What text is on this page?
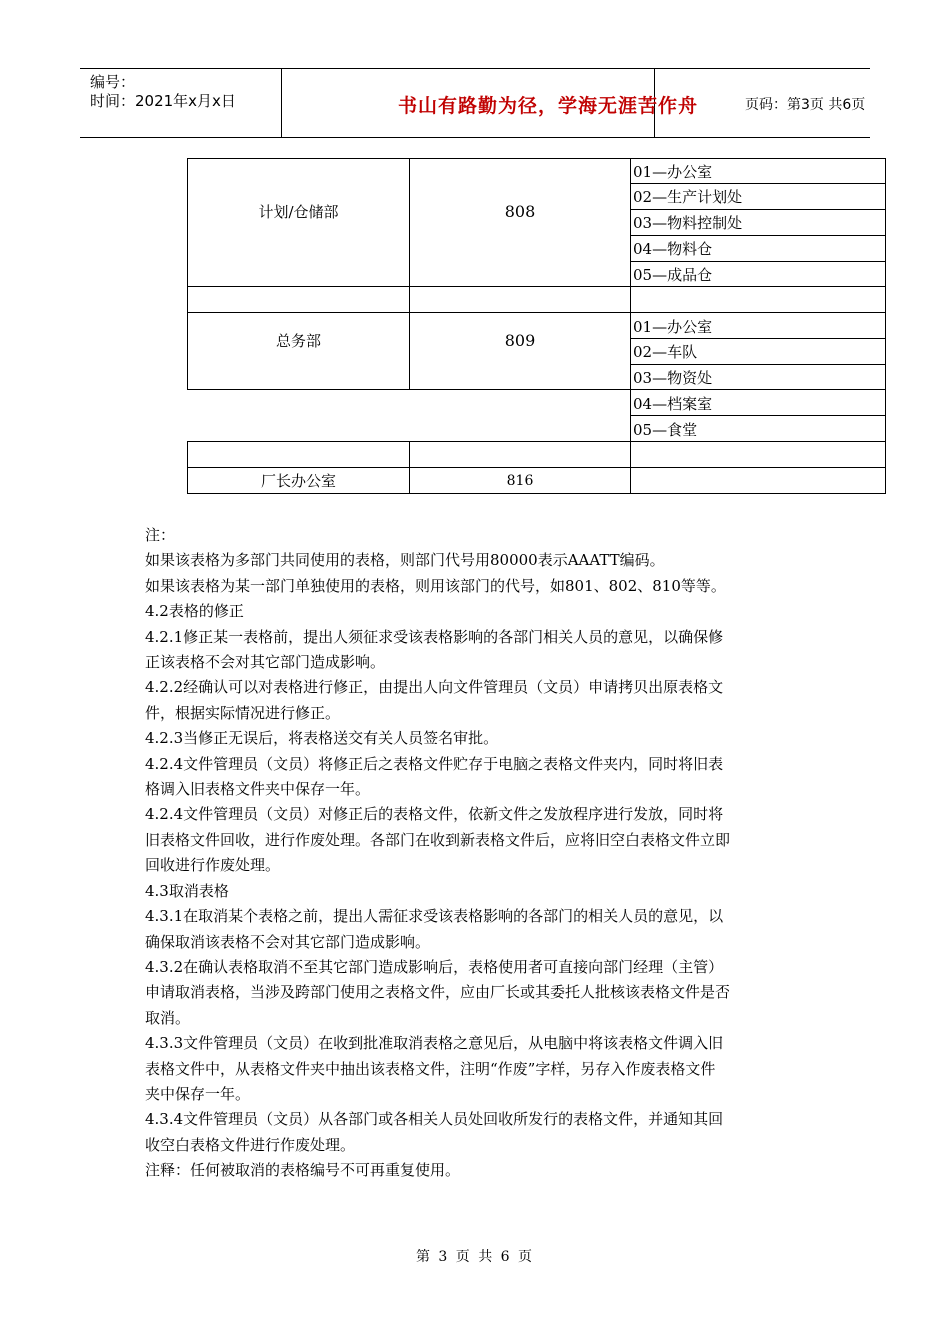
编号：
时间：2021年x月x日	书山有路勤为径，学海无涯苦作舟	页码：第3页 共6页
计划/仓储部	808
01—办公室
02—生产计划处
03—物料控制处
04—物料仓
05—成品仓
总务部	809
01—办公室
02—车队
03—物资处
04—档案室
05—食堂
厂长办公室	816

注：

如果该表格为多部门共同使用的表格，则部门代号用80000表示AAATT编码。

如果该表格为某一部门单独使用的表格，则用该部门的代号，如801、802、810等等。

4.2表格的修正

4.2.1修正某一表格前，提出人须征求受该表格影响的各部门相关人员的意见，以确保修

正该表格不会对其它部门造成影响。

4.2.2经确认可以对表格进行修正，由提出人向文件管理员（文员）申请拷贝出原表格文

件，根据实际情况进行修正。

4.2.3当修正无误后，将表格送交有关人员签名审批。

4.2.4文件管理员（文员）将修正后之表格文件贮存于电脑之表格文件夹内，同时将旧表

格调入旧表格文件夹中保存一年。

4.2.4文件管理员（文员）对修正后的表格文件，依新文件之发放程序进行发放，同时将

旧表格文件回收，进行作废处理。各部门在收到新表格文件后，应将旧空白表格文件立即

回收进行作废处理。

4.3取消表格

4.3.1在取消某个表格之前，提出人需征求受该表格影响的各部门的相关人员的意见，以

确保取消该表格不会对其它部门造成影响。

4.3.2在确认表格取消不至其它部门造成影响后，表格使用者可直接向部门经理（主管）

申请取消表格，当涉及跨部门使用之表格文件，应由厂长或其委托人批核该表格文件是否

取消。

4.3.3文件管理员（文员）在收到批准取消表格之意见后，从电脑中将该表格文件调入旧

表格文件中，从表格文件夹中抽出该表格文件，注明“作废”字样，另存入作废表格文件

夹中保存一年。

4.3.4文件管理员（文员）从各部门或各相关人员处回收所发行的表格文件，并通知其回

收空白表格文件进行作废处理。

注释：任何被取消的表格编号不可再重复使用。

第 3 页 共 6 页
